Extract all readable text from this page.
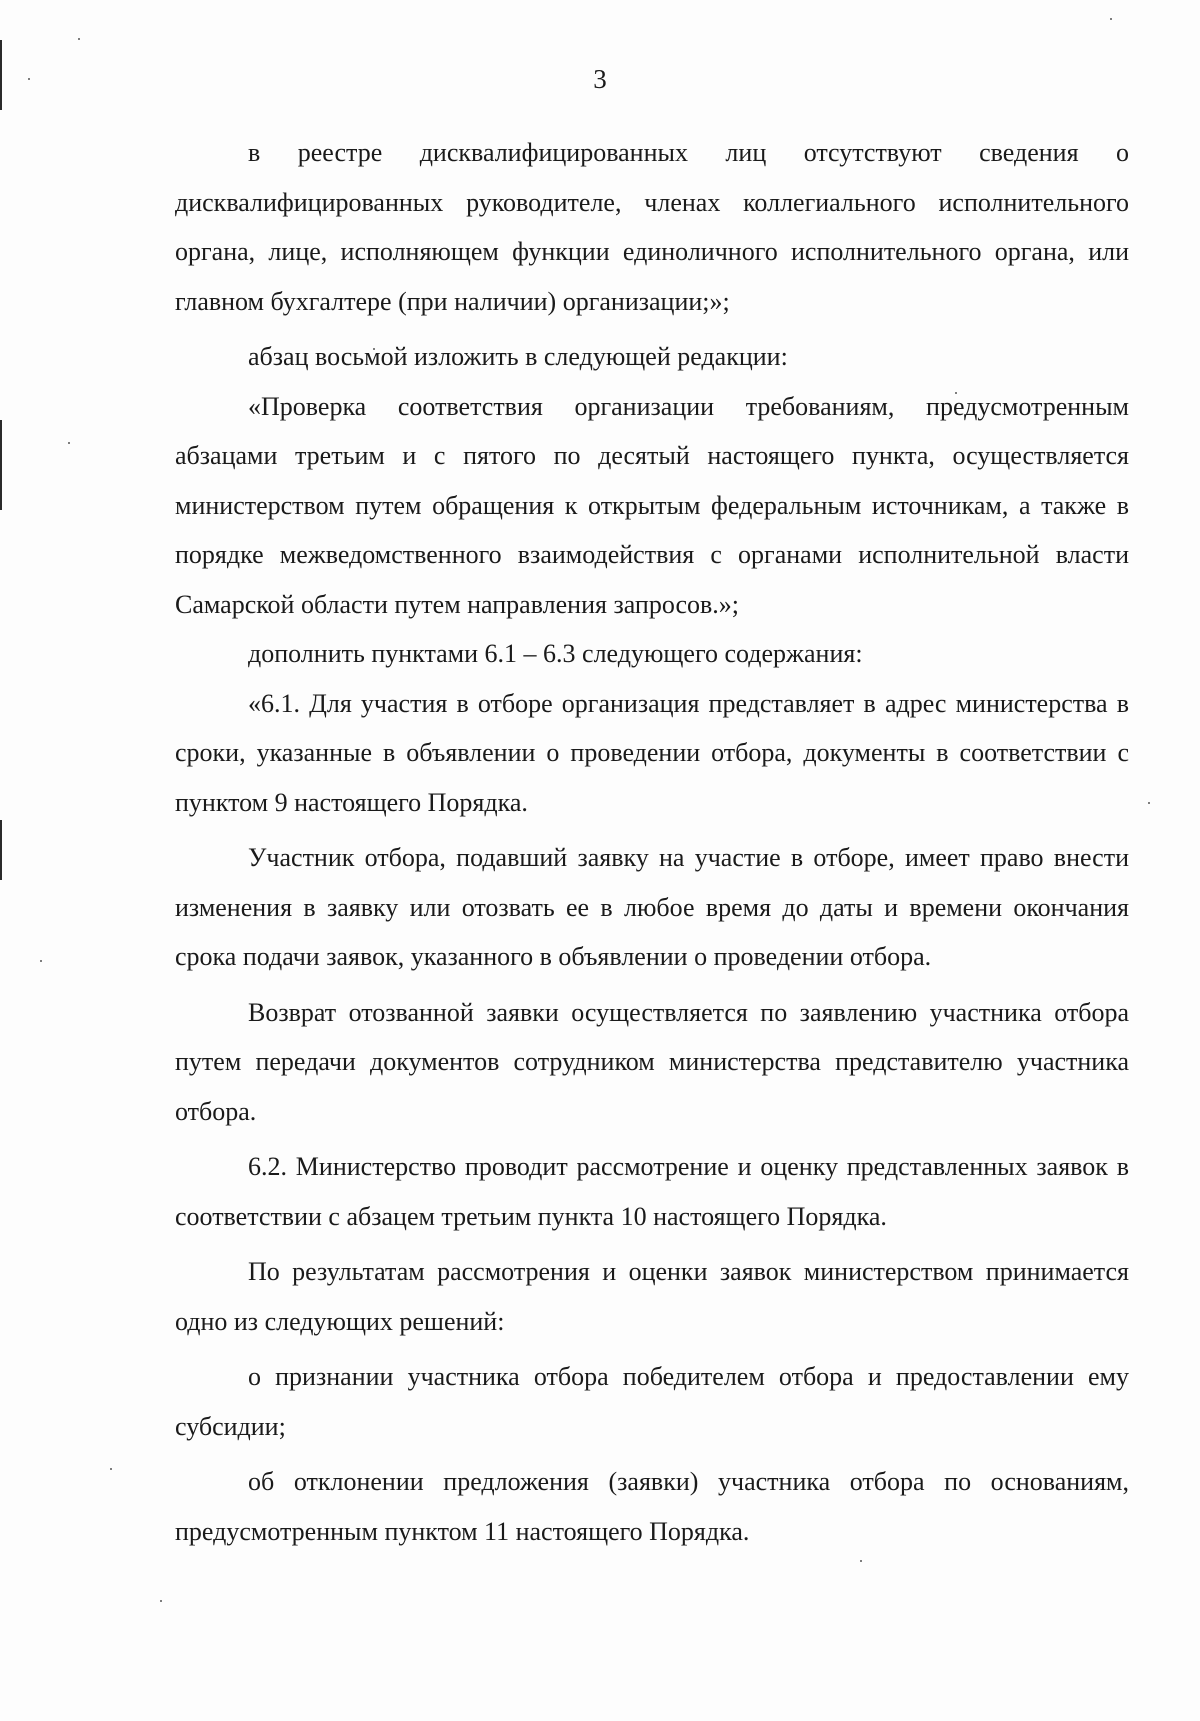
3

в реестре дисквалифицированных лиц отсутствуют сведения о дисквалифицированных руководителе, членах коллегиального исполнительного органа, лице, исполняющем функции единоличного исполнительного органа, или главном бухгалтере (при наличии) организации;»;

абзац восьмой изложить в следующей редакции:

«Проверка соответствия организации требованиям, предусмотренным абзацами третьим и с пятого по десятый настоящего пункта, осуществляется министерством путем обращения к открытым федеральным источникам, а также в порядке межведомственного взаимодействия с органами исполнительной власти Самарской области путем направления запросов.»;

дополнить пунктами 6.1 – 6.3 следующего содержания:

«6.1. Для участия в отборе организация представляет в адрес министерства в сроки, указанные в объявлении о проведении отбора, документы в соответствии с пунктом 9 настоящего Порядка.

Участник отбора, подавший заявку на участие в отборе, имеет право внести изменения в заявку или отозвать ее в любое время до даты и времени окончания срока подачи заявок, указанного в объявлении о проведении отбора.

Возврат отозванной заявки осуществляется по заявлению участника отбора путем передачи документов сотрудником министерства представителю участника отбора.

6.2. Министерство проводит рассмотрение и оценку представленных заявок в соответствии с абзацем третьим пункта 10 настоящего Порядка.

По результатам рассмотрения и оценки заявок министерством принимается одно из следующих решений:

о признании участника отбора победителем отбора и предоставлении ему субсидии;

об отклонении предложения (заявки) участника отбора по основаниям, предусмотренным пунктом 11 настоящего Порядка.
